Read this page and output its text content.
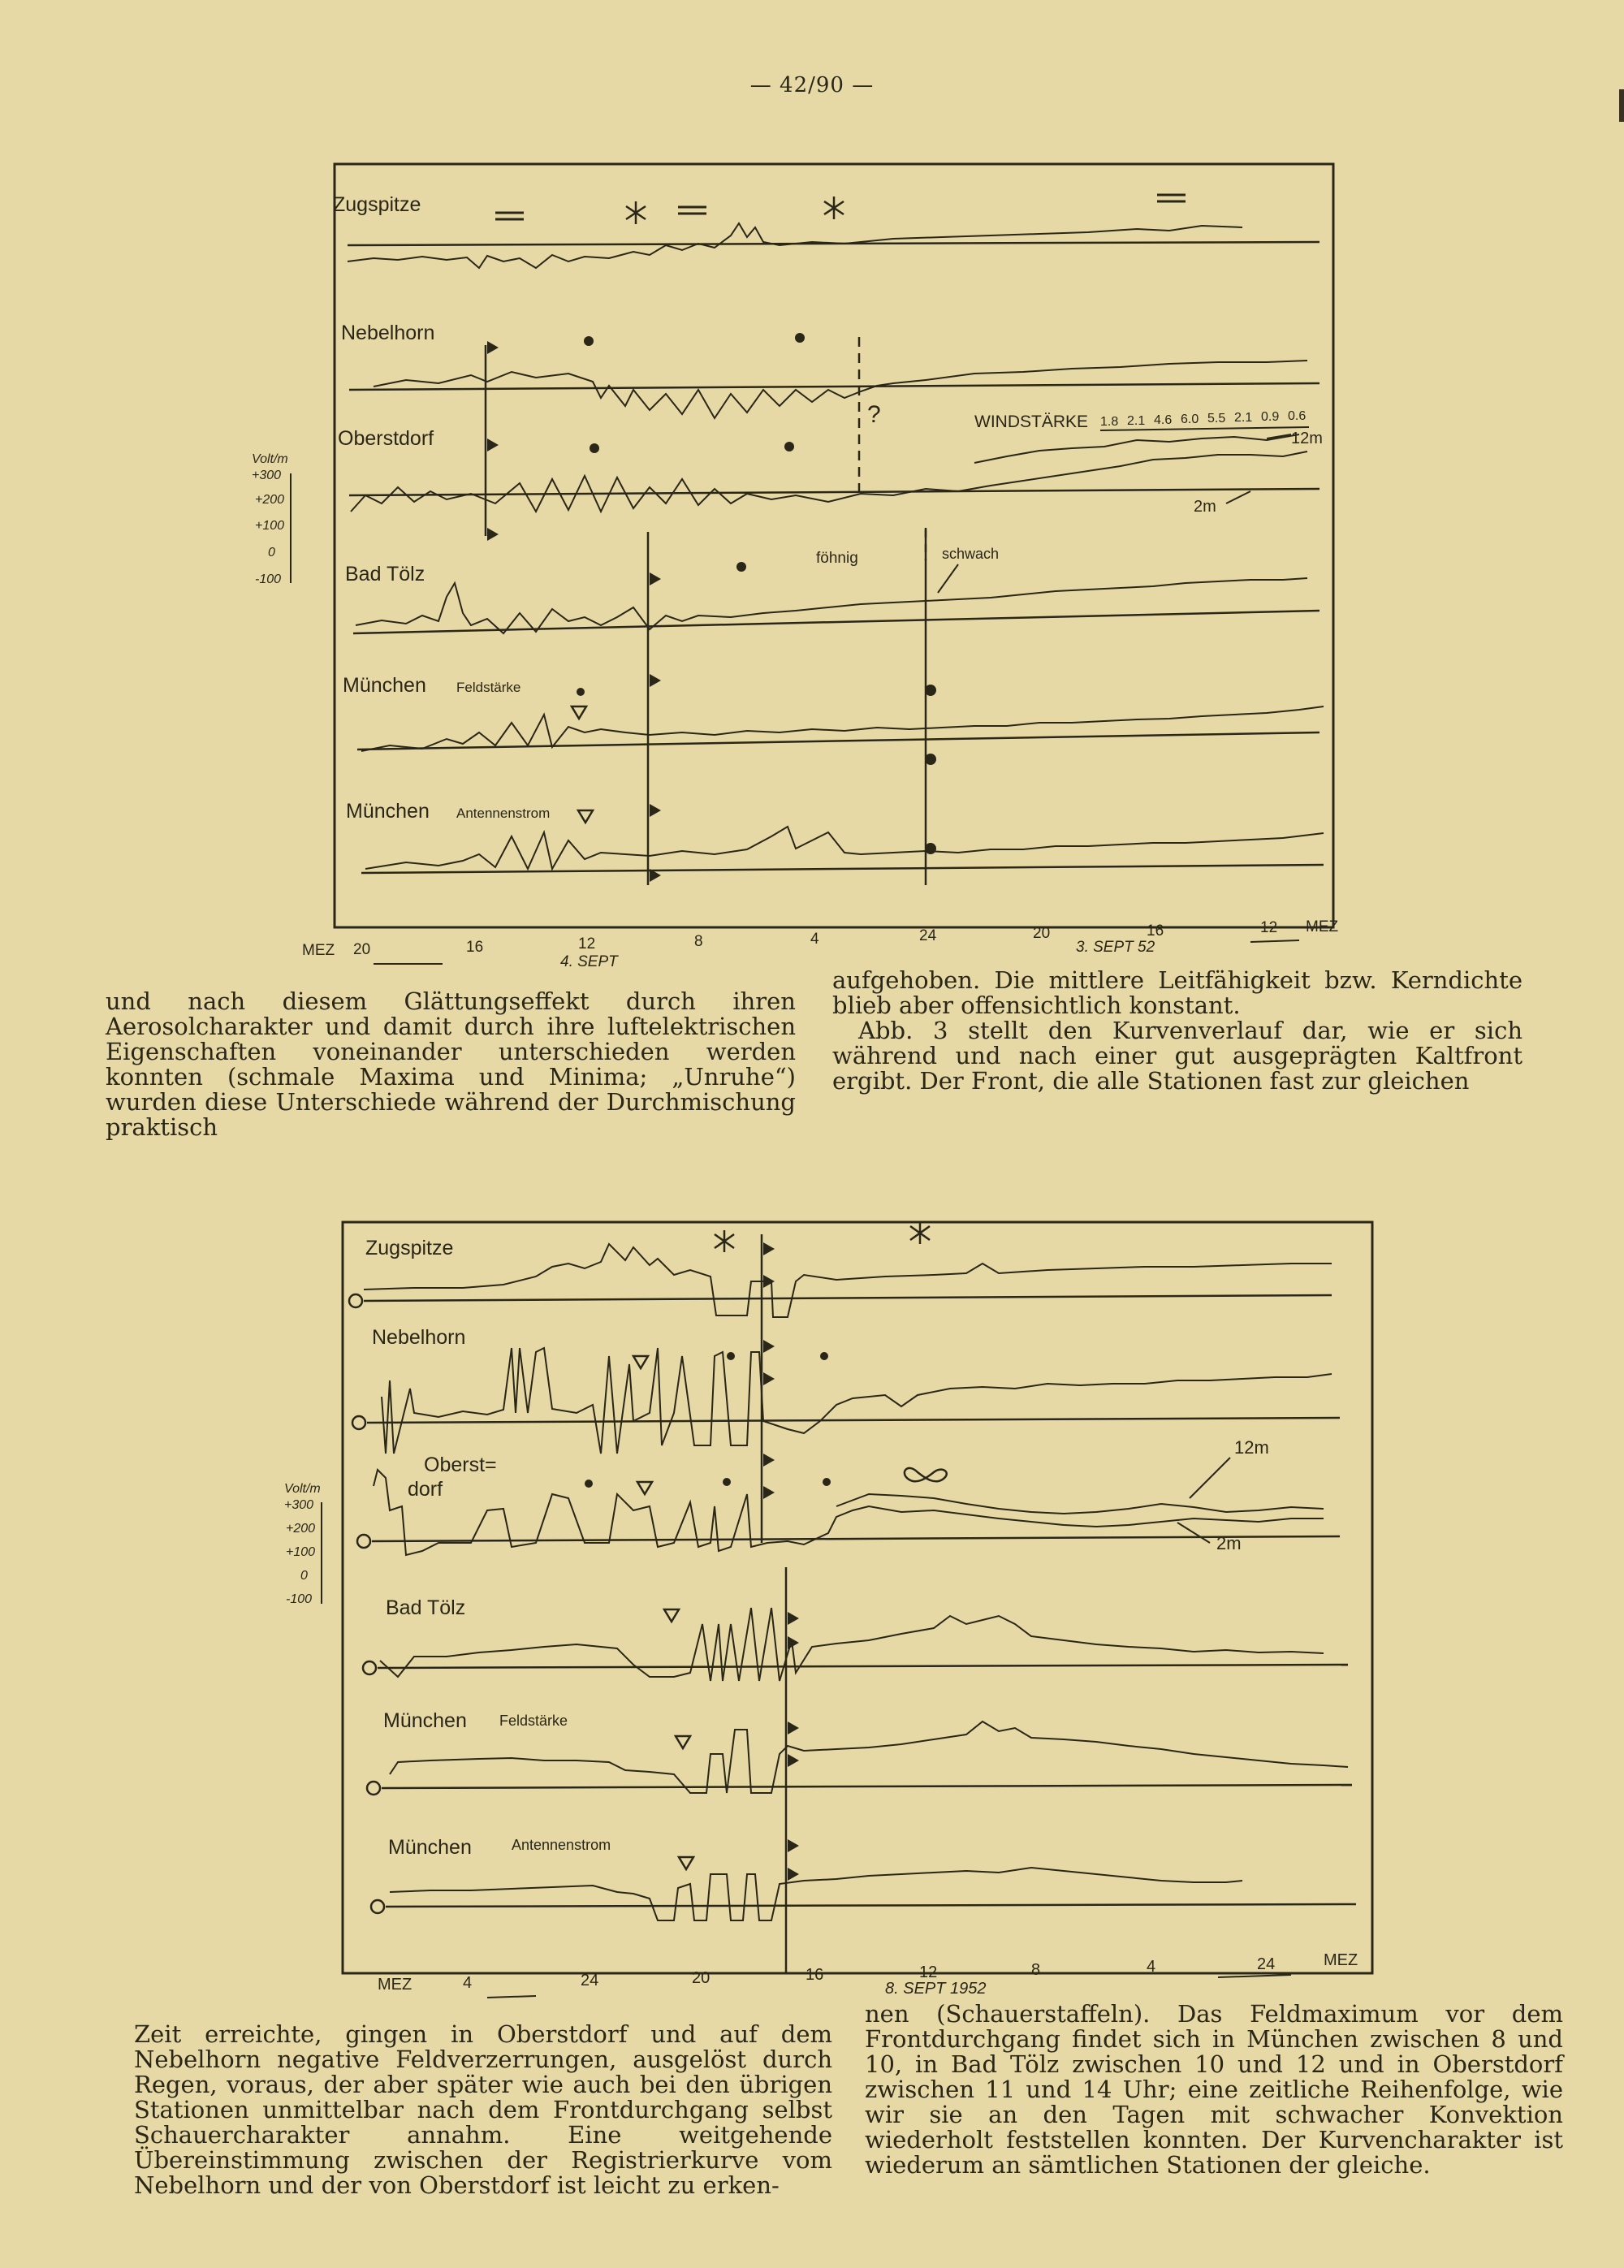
— 42/90 —
Zugspitze
Nebelhorn
Oberstdorf
Bad Tölz
München Feldstärke
München Antennenstrom
Volt/m
+300
+200
+100
0
-100
WINDSTÄRKE 1.8 2.1 4.6 6.0 5.5 2.1 0.9 0.6
12m
2m
föhnig	schwach
?
MEZ
MEZ
20	16	12	8	4	24	20	16	12
4. SEPT
3. SEPT 52

und nach diesem Glättungseffekt durch ihren Aerosolcharakter und damit durch ihre luftelektrischen Eigenschaften voneinander unterschieden werden konnten (schmale Maxima und Minima; „Unruhe“) wurden diese Unterschiede während der Durchmischung praktisch

aufgehoben. Die mittlere Leitfähigkeit bzw. Kerndichte blieb aber offensichtlich konstant.

Abb. 3 stellt den Kurvenverlauf dar, wie er sich während und nach einer gut ausgeprägten Kaltfront ergibt. Der Front, die alle Stationen fast zur gleichen

Zugspitze
Nebelhorn
Oberst=
dorf
Bad Tölz
München Feldstärke
München	Antennenstrom
Volt/m
+300
+200
+100
0
-100
12m
2m
MEZ
MEZ
4	24	20	16	12	8	4	24
8. SEPT 1952

Zeit erreichte, gingen in Oberstdorf und auf dem Nebelhorn negative Feldverzerrungen, ausgelöst durch Regen, voraus, der aber später wie auch bei den übrigen Stationen unmittelbar nach dem Frontdurchgang selbst Schauercharakter annahm. Eine weitgehende Übereinstimmung zwischen der Registrierkurve vom Nebelhorn und der von Oberstdorf ist leicht zu erken-

nen (Schauerstaffeln). Das Feldmaximum vor dem Frontdurchgang findet sich in München zwischen 8 und 10, in Bad Tölz zwischen 10 und 12 und in Oberstdorf zwischen 11 und 14 Uhr; eine zeitliche Reihenfolge, wie wir sie an den Tagen mit schwacher Konvektion wiederholt feststellen konnten. Der Kurvencharakter ist wiederum an sämtlichen Stationen der gleiche.
